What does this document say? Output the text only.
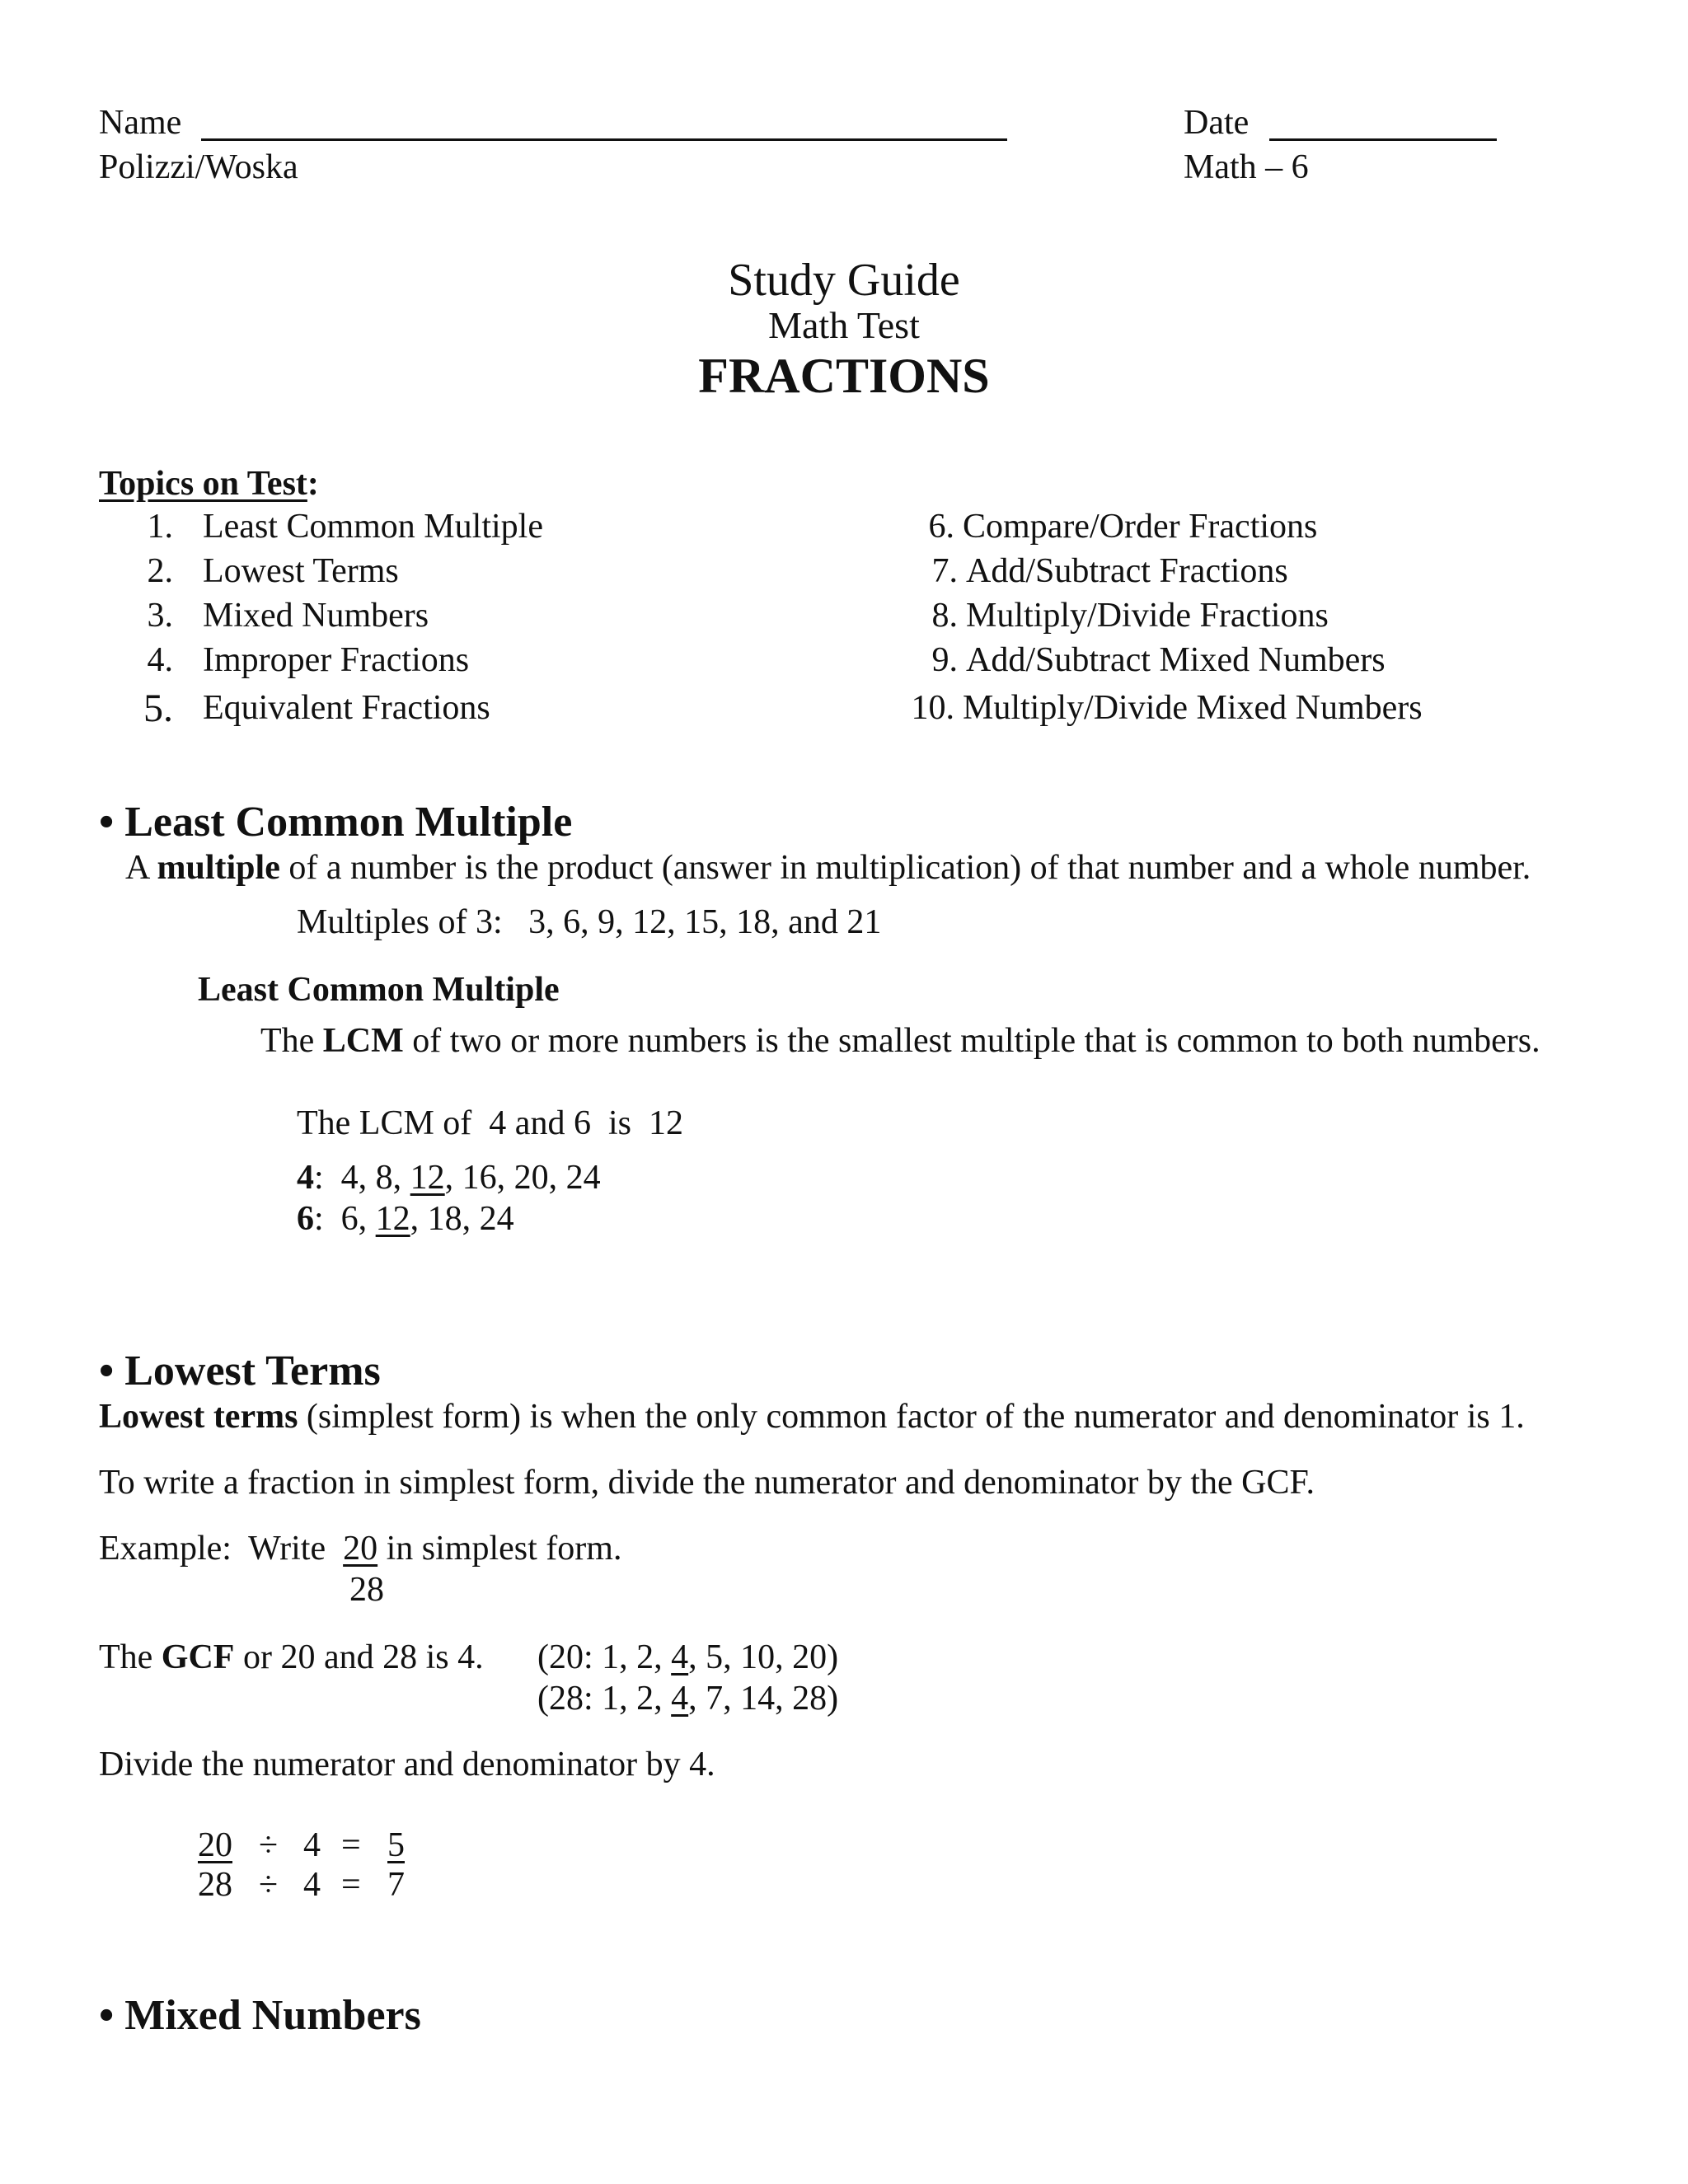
Name	Date
Polizzi/Woska	Math – 6
Study Guide
Math Test
FRACTIONS
Topics on Test:
1. Least Common Multiple
2. Lowest Terms
3. Mixed Numbers
4. Improper Fractions
5. Equivalent Fractions
6. Compare/Order Fractions
7. Add/Subtract Fractions
8. Multiply/Divide Fractions
9. Add/Subtract Mixed Numbers
10. Multiply/Divide Mixed Numbers
• Least Common Multiple
A multiple of a number is the product (answer in multiplication) of that number and a whole number.
Multiples of 3: 3, 6, 9, 12, 15, 18, and 21
Least Common Multiple
The LCM of two or more numbers is the smallest multiple that is common to both numbers.
The LCM of  4 and 6  is  12
4:  4, 8, 12, 16, 20, 24
6:  6, 12, 18, 24
• Lowest Terms
Lowest terms (simplest form) is when the only common factor of the numerator and denominator is 1.
To write a fraction in simplest form, divide the numerator and denominator by the GCF.
Example:  Write 20 in simplest form.
28
The GCF or 20 and 28 is 4. (20: 1, 2, 4, 5, 10, 20)
(28: 1, 2, 4, 7, 14, 28)
Divide the numerator and denominator by 4.
20 ÷ 4 = 5
28 ÷ 4 = 7
• Mixed Numbers
